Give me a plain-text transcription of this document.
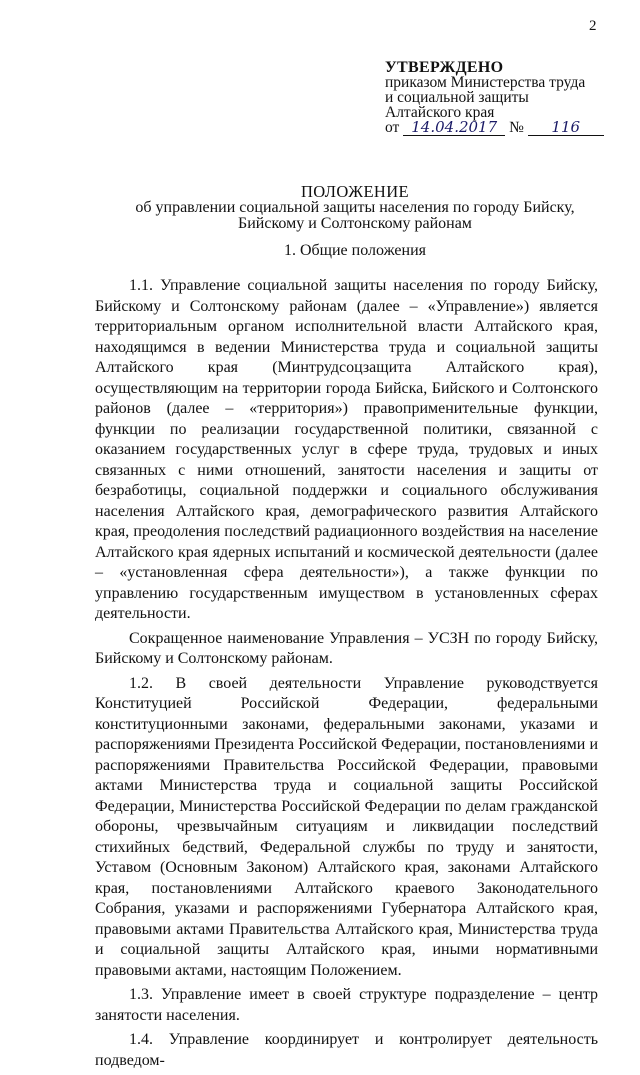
2
УТВЕРЖДЕНО
приказом Министерства труда
и социальной защиты
Алтайского края
от 14.04.2017 № 116
ПОЛОЖЕНИЕ
об управлении социальной защиты населения по городу Бийску,
Бийскому и Солтонскому районам
1. Общие положения

1.1. Управление социальной защиты населения по городу Бийску, Бийскому и Солтонскому районам (далее – «Управление») является территориальным органом исполнительной власти Алтайского края, находящимся в ведении Министерства труда и социальной защиты Алтайского края (Минтрудсоцзащита Алтайского края), осуществляющим на территории города Бийска, Бийского и Солтонского районов (далее – «территория») правоприменительные функции, функции по реализации государственной политики, связанной с оказанием государственных услуг в сфере труда, трудовых и иных связанных с ними отношений, занятости населения и защиты от безработицы, социальной поддержки и социального обслуживания населения Алтайского края, демографического развития Алтайского края, преодоления последствий радиационного воздействия на население Алтайского края ядерных испытаний и космической деятельности (далее – «установленная сфера деятельности»), а также функции по управлению государственным имуществом в установленных сферах деятельности.

Сокращенное наименование Управления – УСЗН по городу Бийску, Бийскому и Солтонскому районам.

1.2. В своей деятельности Управление руководствуется Конституцией Российской Федерации, федеральными конституционными законами, федеральными законами, указами и распоряжениями Президента Российской Федерации, постановлениями и распоряжениями Правительства Российской Федерации, правовыми актами Министерства труда и социальной защиты Российской Федерации, Министерства Российской Федерации по делам гражданской обороны, чрезвычайным ситуациям и ликвидации последствий стихийных бедствий, Федеральной службы по труду и занятости, Уставом (Основным Законом) Алтайского края, законами Алтайского края, постановлениями Алтайского краевого Законодательного Собрания, указами и распоряжениями Губернатора Алтайского края, правовыми актами Правительства Алтайского края, Министерства труда и социальной защиты Алтайского края, иными нормативными правовыми актами, настоящим Положением.

1.3. Управление имеет в своей структуре подразделение – центр занятости населения.

1.4. Управление координирует и контролирует деятельность подведом-
